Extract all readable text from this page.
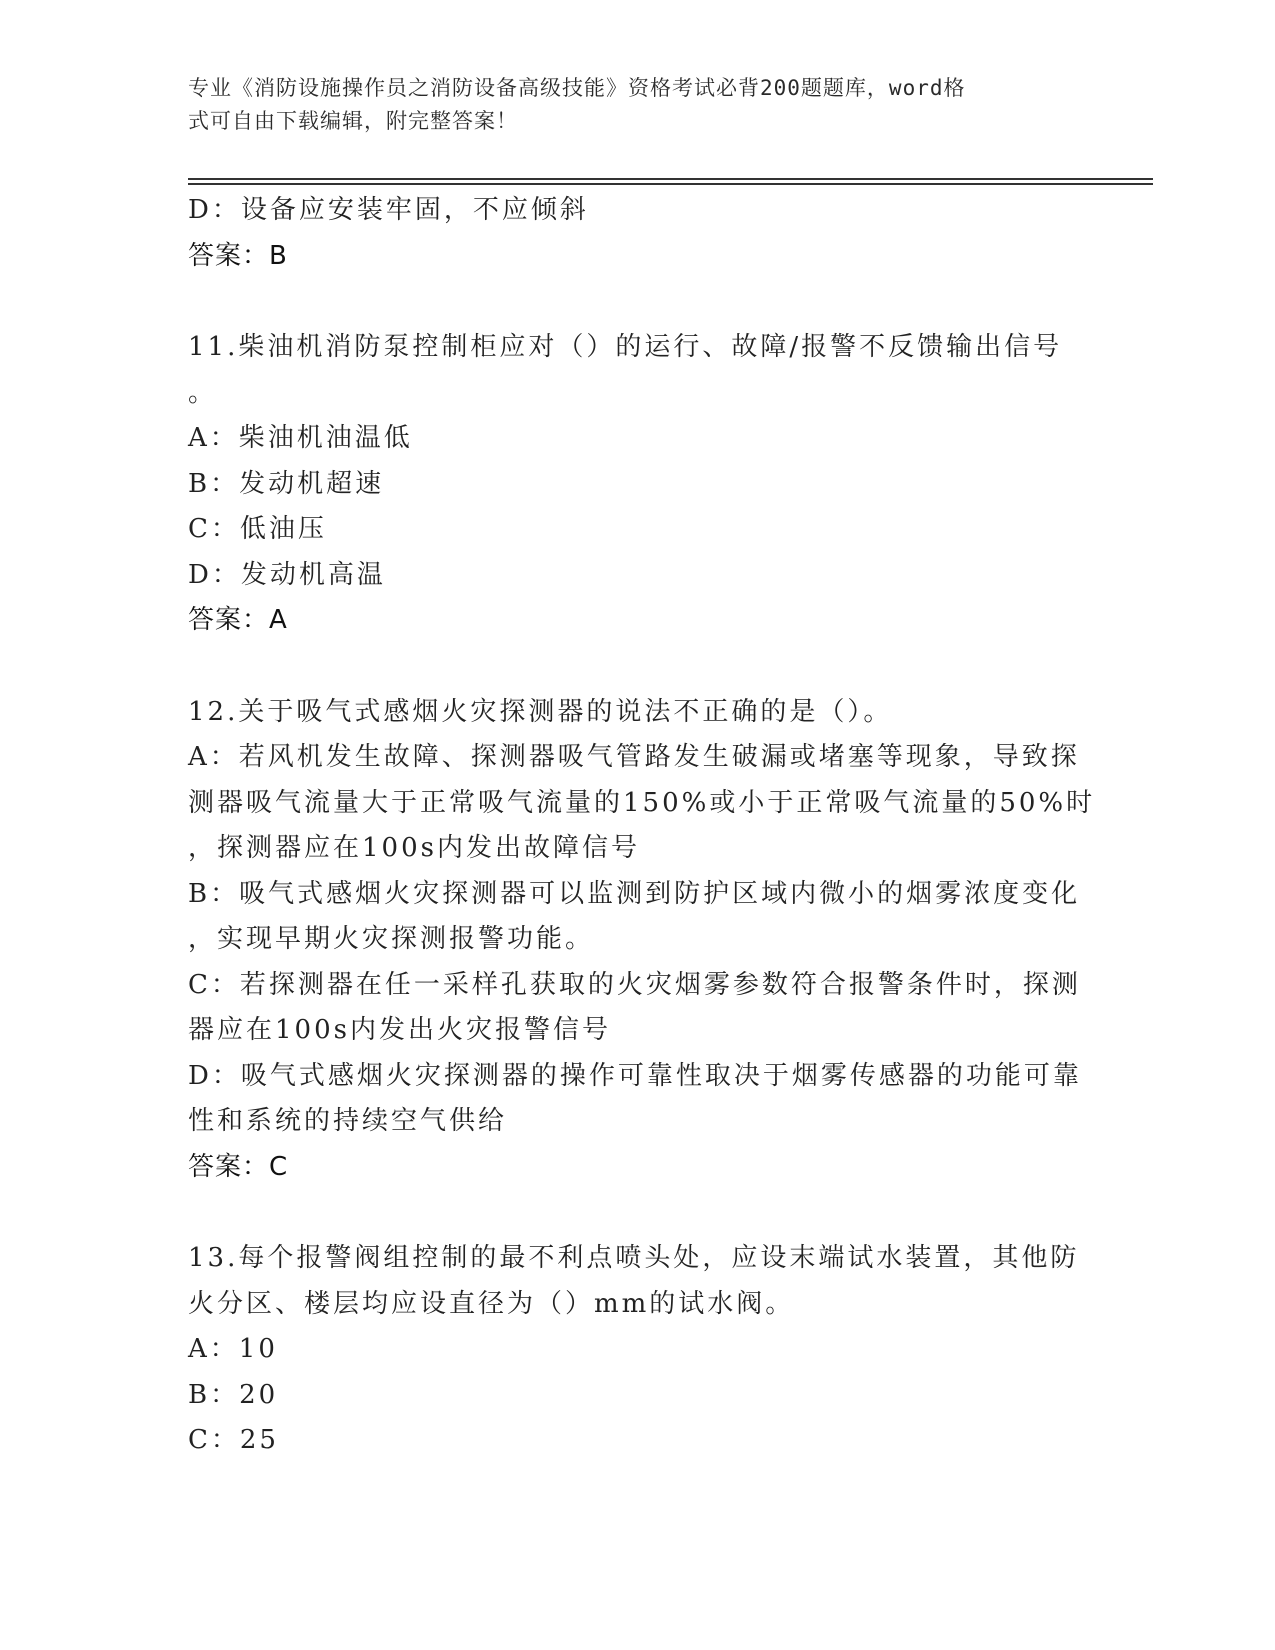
专业《消防设施操作员之消防设备高级技能》资格考试必背200题题库，word格
式可自由下载编辑，附完整答案！
D：设备应安装牢固，不应倾斜
答案：B
11.柴油机消防泵控制柜应对（）的运行、故障/报警不反馈输出信号
。
A：柴油机油温低
B：发动机超速
C：低油压
D：发动机高温
答案：A
12.关于吸气式感烟火灾探测器的说法不正确的是（）。
A：若风机发生故障、探测器吸气管路发生破漏或堵塞等现象，导致探
测器吸气流量大于正常吸气流量的150%或小于正常吸气流量的50%时
，探测器应在100s内发出故障信号
B：吸气式感烟火灾探测器可以监测到防护区域内微小的烟雾浓度变化
，实现早期火灾探测报警功能。
C：若探测器在任一采样孔获取的火灾烟雾参数符合报警条件时，探测
器应在100s内发出火灾报警信号
D：吸气式感烟火灾探测器的操作可靠性取决于烟雾传感器的功能可靠
性和系统的持续空气供给
答案：C
13.每个报警阀组控制的最不利点喷头处，应设末端试水装置，其他防
火分区、楼层均应设直径为（）mm的试水阀。
A：10
B：20
C：25
